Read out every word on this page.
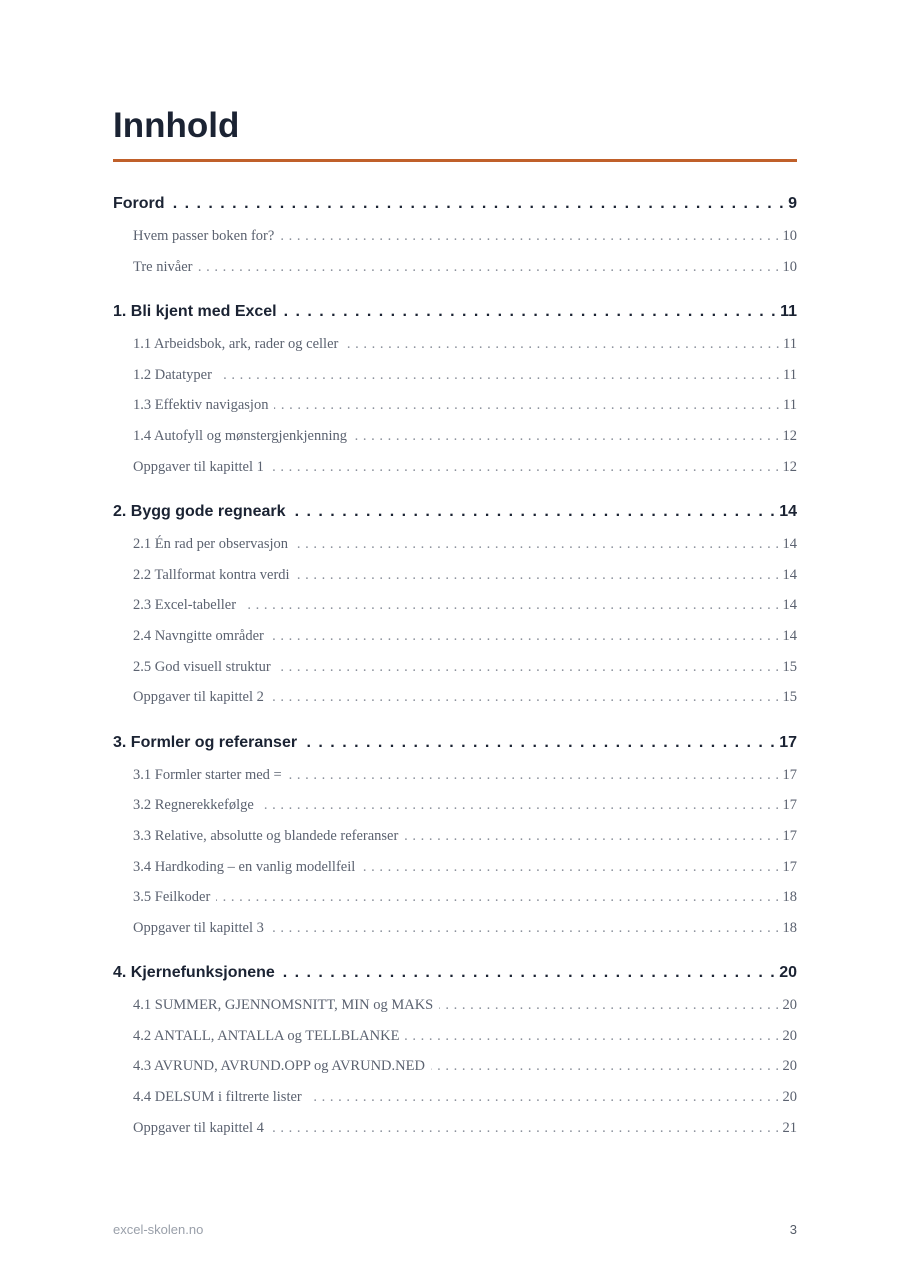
Innhold
Forord . . .	9
Hvem passer boken for? . . .	10
Tre nivåer . . .	10
1. Bli kjent med Excel . . .	11
1.1 Arbeidsbok, ark, rader og celler . . .	11
1.2 Datatyper . . .	11
1.3 Effektiv navigasjon . . .	11
1.4 Autofyll og mønstergjenkjenning . . .	12
Oppgaver til kapittel 1 . . .	12
2. Bygg gode regneark . . .	14
2.1 Én rad per observasjon . . .	14
2.2 Tallformat kontra verdi . . .	14
2.3 Excel-tabeller . . .	14
2.4 Navngitte områder . . .	14
2.5 God visuell struktur . . .	15
Oppgaver til kapittel 2 . . .	15
3. Formler og referanser . . .	17
3.1 Formler starter med = . . .	17
3.2 Regnerekkefølge . . .	17
3.3 Relative, absolutte og blandede referanser . . .	17
3.4 Hardkoding – en vanlig modellfeil . . .	17
3.5 Feilkoder . . .	18
Oppgaver til kapittel 3 . . .	18
4. Kjernefunksjonene . . .	20
4.1 SUMMER, GJENNOMSNITT, MIN og MAKS . . .	20
4.2 ANTALL, ANTALLA og TELLBLANKE . . .	20
4.3 AVRUND, AVRUND.OPP og AVRUND.NED . . .	20
4.4 DELSUM i filtrerte lister . . .	20
Oppgaver til kapittel 4 . . .	21
excel-skolen.no	3
